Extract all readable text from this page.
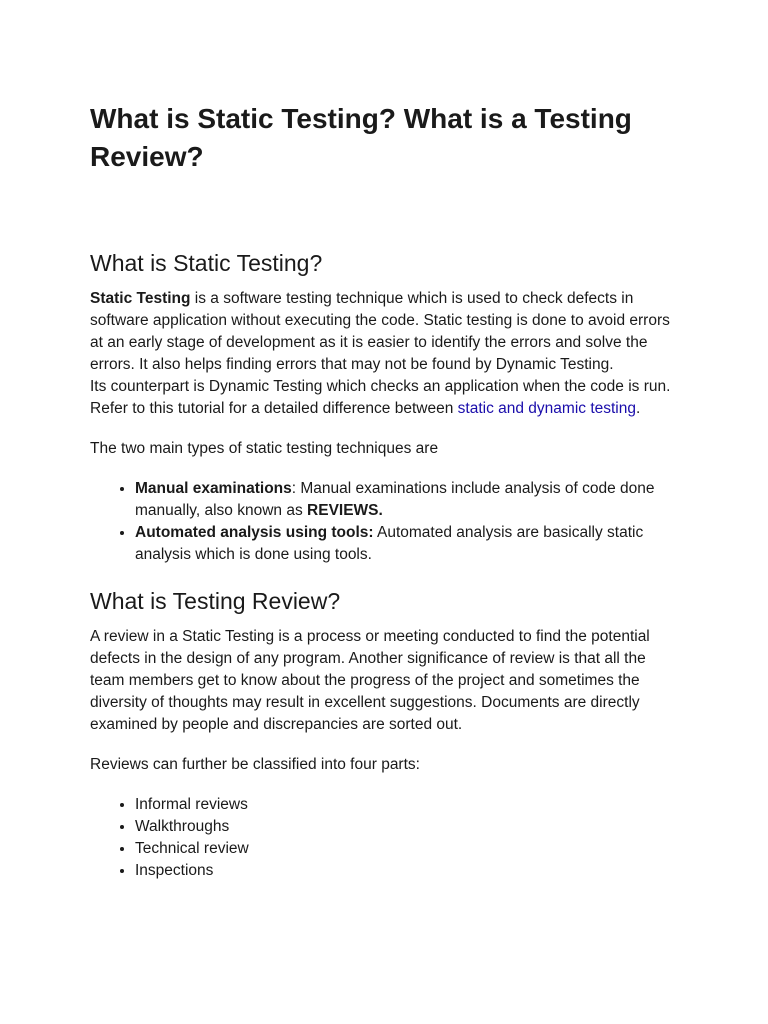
What is Static Testing? What is a Testing Review?
What is Static Testing?

Static Testing is a software testing technique which is used to check defects in software application without executing the code. Static testing is done to avoid errors at an early stage of development as it is easier to identify the errors and solve the errors. It also helps finding errors that may not be found by Dynamic Testing.

Its counterpart is Dynamic Testing which checks an application when the code is run. Refer to this tutorial for a detailed difference between static and dynamic testing.

The two main types of static testing techniques are

• Manual examinations: Manual examinations include analysis of code done manually, also known as REVIEWS.
• Automated analysis using tools: Automated analysis are basically static analysis which is done using tools.
What is Testing Review?

A review in a Static Testing is a process or meeting conducted to find the potential defects in the design of any program. Another significance of review is that all the team members get to know about the progress of the project and sometimes the diversity of thoughts may result in excellent suggestions. Documents are directly examined by people and discrepancies are sorted out.

Reviews can further be classified into four parts:

• Informal reviews
• Walkthroughs
• Technical review
• Inspections
